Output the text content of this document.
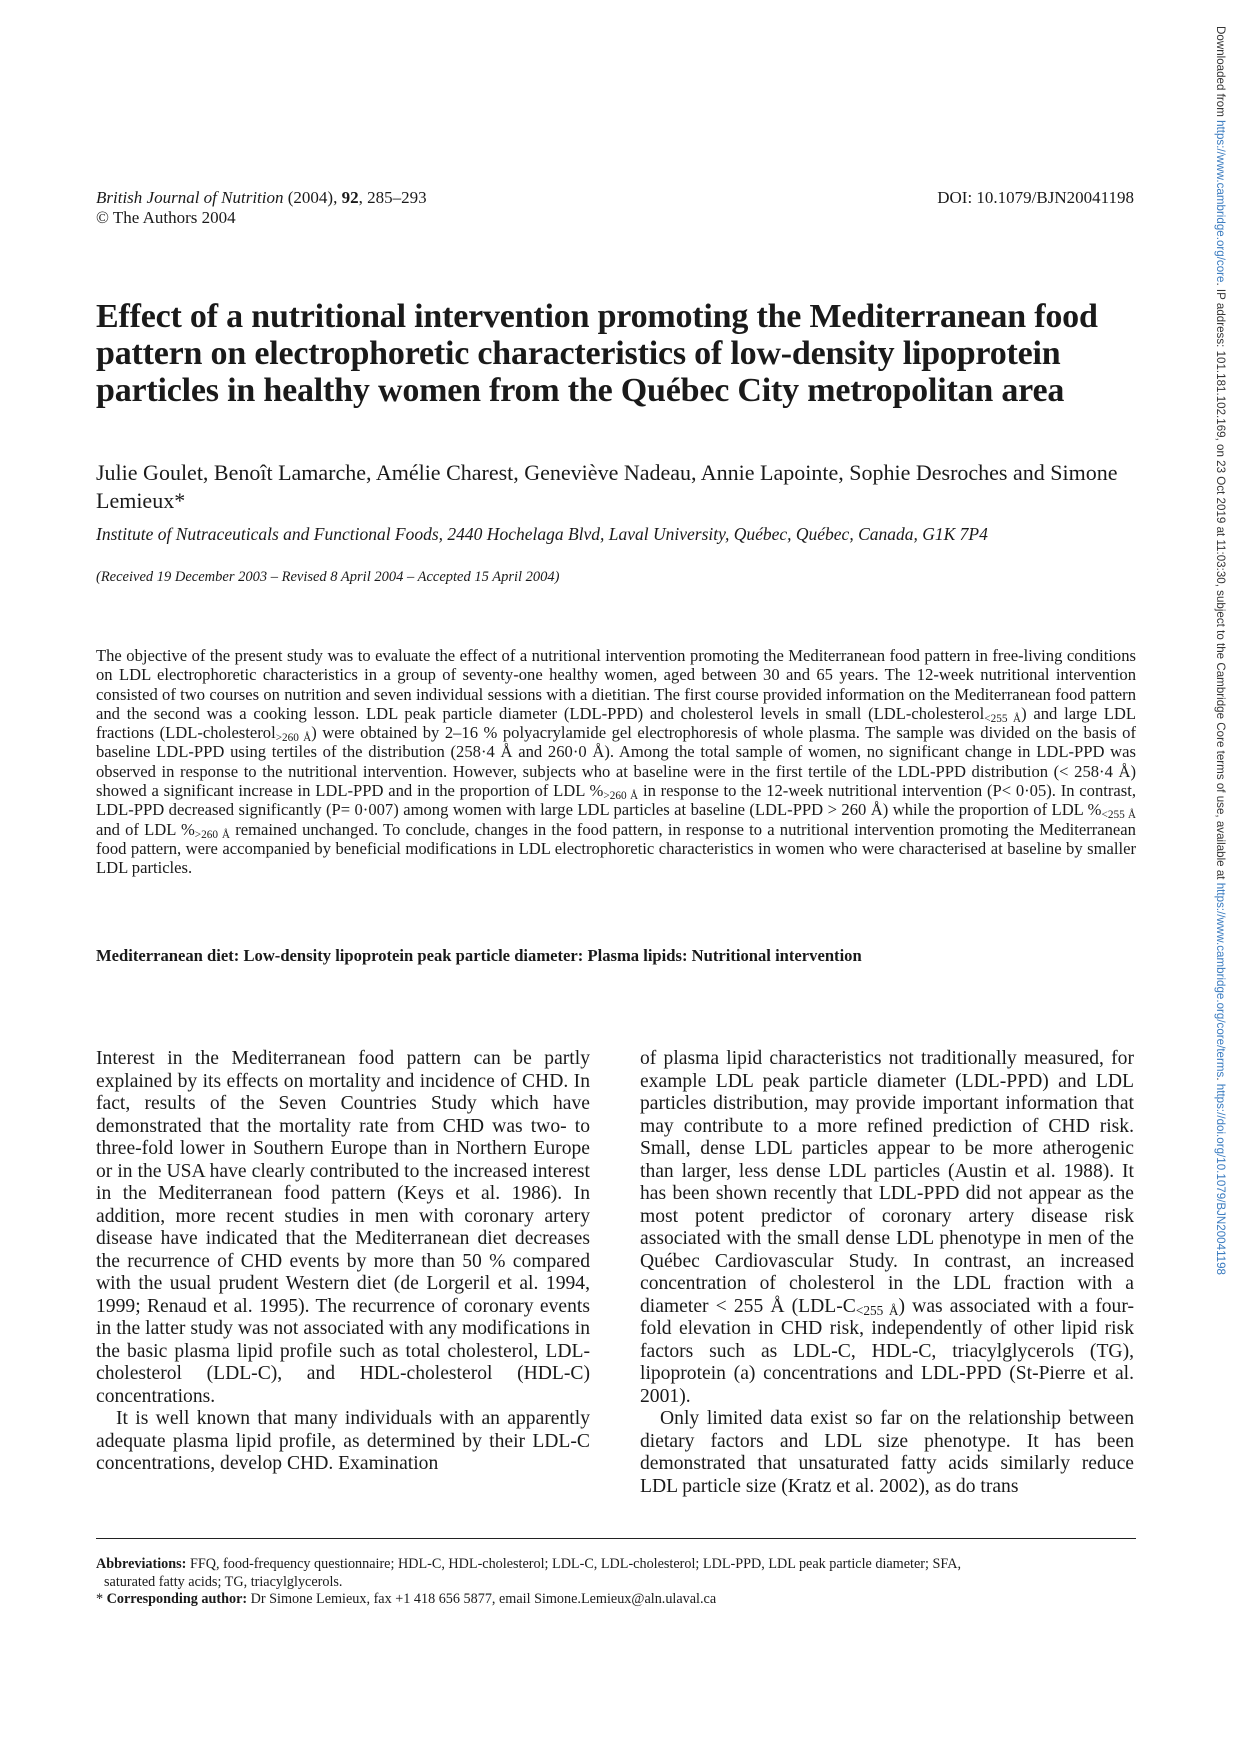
British Journal of Nutrition (2004), 92, 285–293
© The Authors 2004
DOI: 10.1079/BJN20041198
Effect of a nutritional intervention promoting the Mediterranean food pattern on electrophoretic characteristics of low-density lipoprotein particles in healthy women from the Québec City metropolitan area
Julie Goulet, Benoît Lamarche, Amélie Charest, Geneviève Nadeau, Annie Lapointe, Sophie Desroches and Simone Lemieux*
Institute of Nutraceuticals and Functional Foods, 2440 Hochelaga Blvd, Laval University, Québec, Québec, Canada, G1K 7P4
(Received 19 December 2003 – Revised 8 April 2004 – Accepted 15 April 2004)

The objective of the present study was to evaluate the effect of a nutritional intervention promoting the Mediterranean food pattern in free-living conditions on LDL electrophoretic characteristics in a group of seventy-one healthy women, aged between 30 and 65 years. The 12-week nutritional intervention consisted of two courses on nutrition and seven individual sessions with a dietitian. The first course provided information on the Mediterranean food pattern and the second was a cooking lesson. LDL peak particle diameter (LDL-PPD) and cholesterol levels in small (LDL-cholesterol$_{<255 Å}$) and large LDL fractions (LDL-cholesterol$_{>260 Å}$) were obtained by 2–16 % polyacrylamide gel electrophoresis of whole plasma. The sample was divided on the basis of baseline LDL-PPD using tertiles of the distribution (258·4 Å and 260·0 Å). Among the total sample of women, no significant change in LDL-PPD was observed in response to the nutritional intervention. However, subjects who at baseline were in the first tertile of the LDL-PPD distribution (< 258·4 Å) showed a significant increase in LDL-PPD and in the proportion of LDL $\%_{>260 Å}$ in response to the 12-week nutritional intervention (P< 0·05). In contrast, LDL-PPD decreased significantly (P= 0·007) among women with large LDL particles at baseline (LDL-PPD > 260 Å) while the proportion of LDL $\%_{<255 Å}$ and of LDL $\%_{>260 Å}$ remained unchanged. To conclude, changes in the food pattern, in response to a nutritional intervention promoting the Mediterranean food pattern, were accompanied by beneficial modifications in LDL electrophoretic characteristics in women who were characterised at baseline by smaller LDL particles.

Mediterranean diet: Low-density lipoprotein peak particle diameter: Plasma lipids: Nutritional intervention

Interest in the Mediterranean food pattern can be partly explained by its effects on mortality and incidence of CHD. In fact, results of the Seven Countries Study which have demonstrated that the mortality rate from CHD was two- to three-fold lower in Southern Europe than in Northern Europe or in the USA have clearly contributed to the increased interest in the Mediterranean food pattern (Keys et al. 1986). In addition, more recent studies in men with coronary artery disease have indicated that the Mediterranean diet decreases the recurrence of CHD events by more than 50 % compared with the usual prudent Western diet (de Lorgeril et al. 1994, 1999; Renaud et al. 1995). The recurrence of coronary events in the latter study was not associated with any modifications in the basic plasma lipid profile such as total cholesterol, LDL-cholesterol (LDL-C), and HDL-cholesterol (HDL-C) concentrations.

It is well known that many individuals with an apparently adequate plasma lipid profile, as determined by their LDL-C concentrations, develop CHD. Examination

of plasma lipid characteristics not traditionally measured, for example LDL peak particle diameter (LDL-PPD) and LDL particles distribution, may provide important information that may contribute to a more refined prediction of CHD risk. Small, dense LDL particles appear to be more atherogenic than larger, less dense LDL particles (Austin et al. 1988). It has been shown recently that LDL-PPD did not appear as the most potent predictor of coronary artery disease risk associated with the small dense LDL phenotype in men of the Québec Cardiovascular Study. In contrast, an increased concentration of cholesterol in the LDL fraction with a diameter < 255 Å $(LDL-C_{<255 Å})$ was associated with a four-fold elevation in CHD risk, independently of other lipid risk factors such as LDL-C, HDL-C, triacylglycerols (TG), lipoprotein (a) concentrations and LDL-PPD (St-Pierre et al. 2001).

Only limited data exist so far on the relationship between dietary factors and LDL size phenotype. It has been demonstrated that unsaturated fatty acids similarly reduce LDL particle size (Kratz et al. 2002), as do trans

Abbreviations: FFQ, food-frequency questionnaire; HDL-C, HDL-cholesterol; LDL-C, LDL-cholesterol; LDL-PPD, LDL peak particle diameter; SFA,

saturated fatty acids; TG, triacylglycerols.

* Corresponding author: Dr Simone Lemieux, fax +1 418 656 5877, email Simone.Lemieux@aln.ulaval.ca

Downloaded from https://www.cambridge.org/core. IP address: 101.181.102.169, on 23 Oct 2019 at 11:03:30, subject to the Cambridge Core terms of use, available at https://www.cambridge.org/core/terms. https://doi.org/10.1079/BJN20041198
